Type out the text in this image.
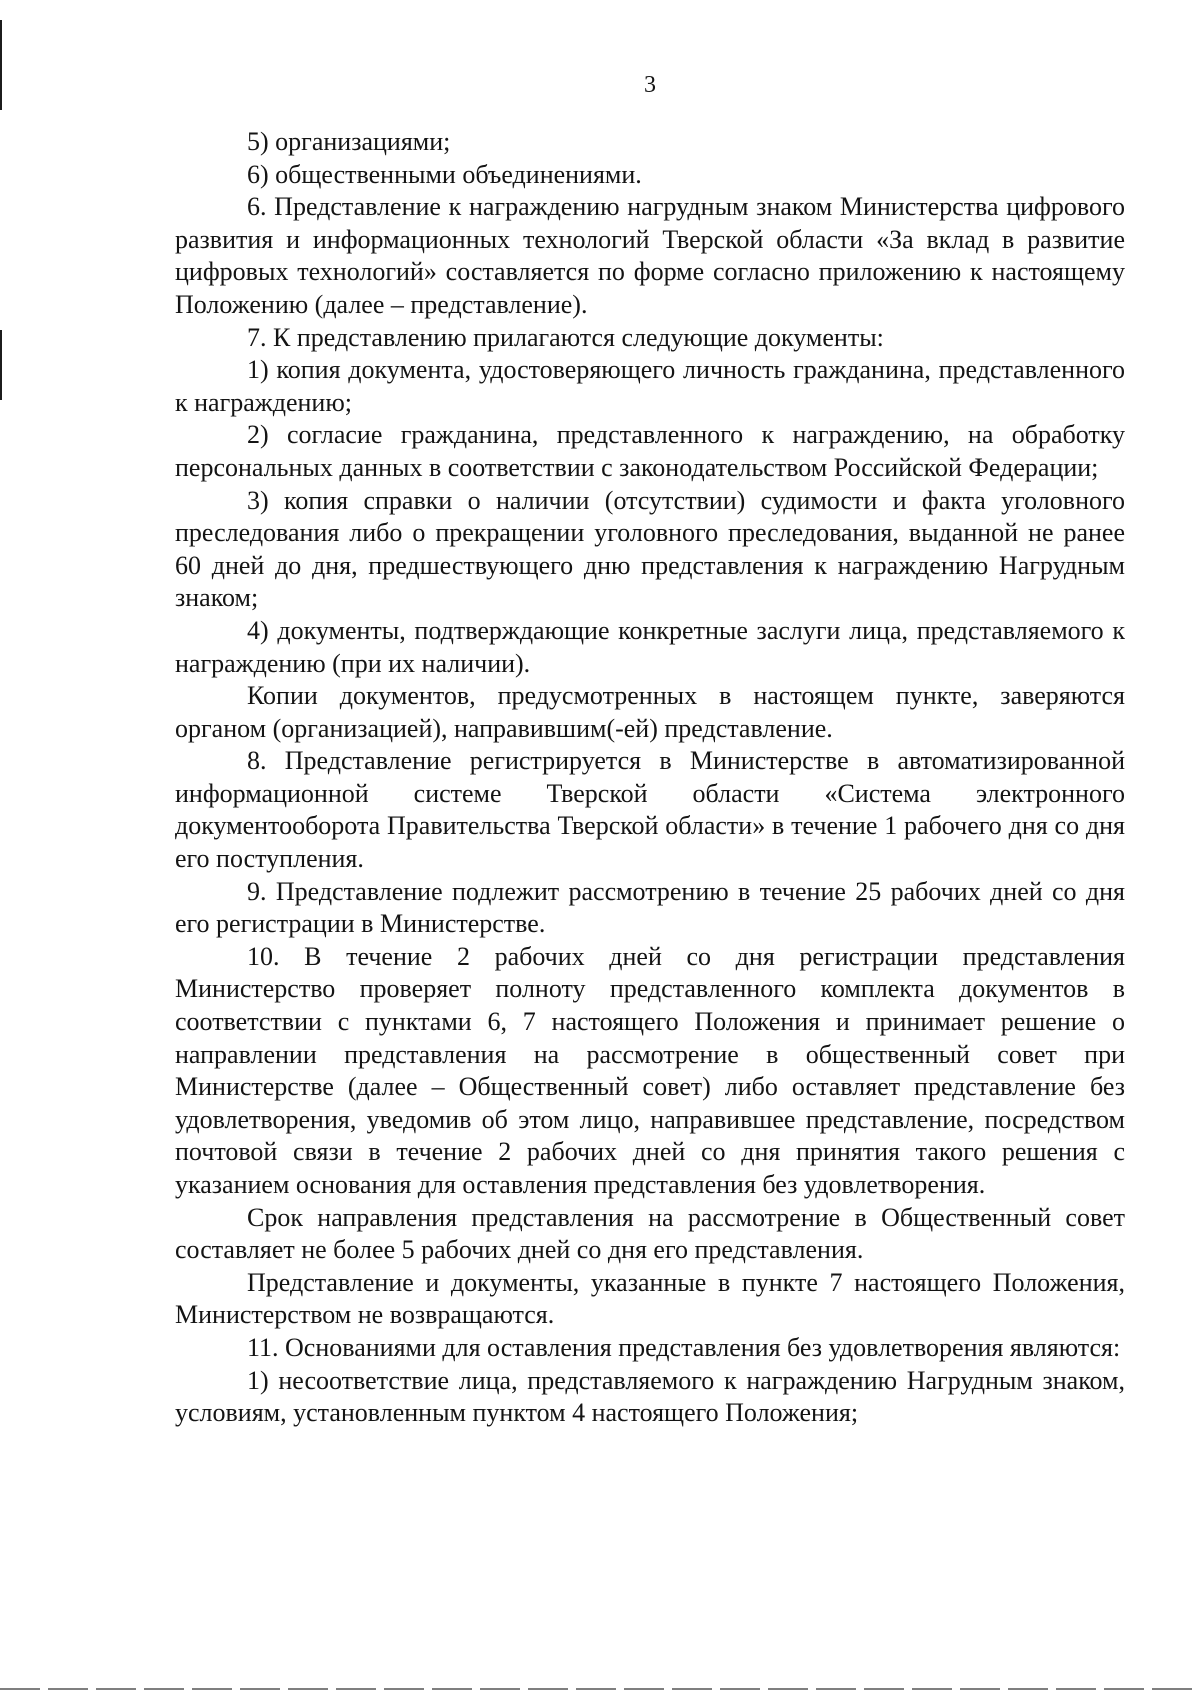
3

5) организациями;

6) общественными объединениями.

6. Представление к награждению нагрудным знаком Министерства цифрового развития и информационных технологий Тверской области «За вклад в развитие цифровых технологий» составляется по форме согласно приложению к настоящему Положению (далее – представление).

7. К представлению прилагаются следующие документы:

1) копия документа, удостоверяющего личность гражданина, представленного к награждению;

2) согласие гражданина, представленного к награждению, на обработку персональных данных в соответствии с законодательством Российской Федерации;

3) копия справки о наличии (отсутствии) судимости и факта уголовного преследования либо о прекращении уголовного преследования, выданной не ранее 60 дней до дня, предшествующего дню представления к награждению Нагрудным знаком;

4) документы, подтверждающие конкретные заслуги лица, представляемого к награждению (при их наличии).

Копии документов, предусмотренных в настоящем пункте, заверяются органом (организацией), направившим(-ей) представление.

8. Представление регистрируется в Министерстве в автоматизированной информационной системе Тверской области «Система электронного документооборота Правительства Тверской области» в течение 1 рабочего дня со дня его поступления.

9. Представление подлежит рассмотрению в течение 25 рабочих дней со дня его регистрации в Министерстве.

10. В течение 2 рабочих дней со дня регистрации представления Министерство проверяет полноту представленного комплекта документов в соответствии с пунктами 6, 7 настоящего Положения и принимает решение о направлении представления на рассмотрение в общественный совет при Министерстве (далее – Общественный совет) либо оставляет представление без удовлетворения, уведомив об этом лицо, направившее представление, посредством почтовой связи в течение 2 рабочих дней со дня принятия такого решения с указанием основания для оставления представления без удовлетворения.

Срок направления представления на рассмотрение в Общественный совет составляет не более 5 рабочих дней со дня его представления.

Представление и документы, указанные в пункте 7 настоящего Положения, Министерством не возвращаются.

11. Основаниями для оставления представления без удовлетворения являются:

1) несоответствие лица, представляемого к награждению Нагрудным знаком, условиям, установленным пунктом 4 настоящего Положения;
